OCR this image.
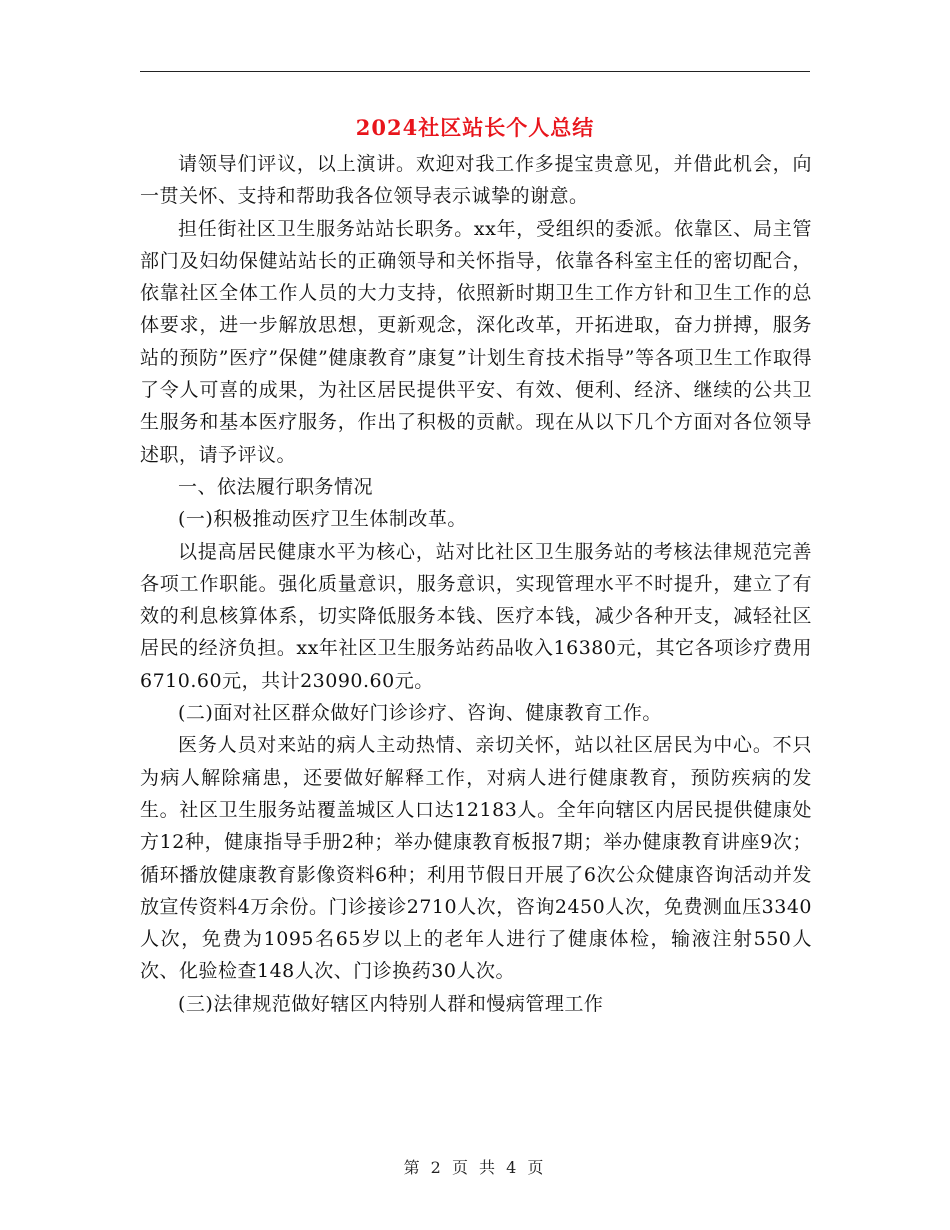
2024社区站长个人总结

请领导们评议，以上演讲。欢迎对我工作多提宝贵意见，并借此机会，向一贯关怀、支持和帮助我各位领导表示诚挚的谢意。

担任街社区卫生服务站站长职务。xx年，受组织的委派。依靠区、局主管部门及妇幼保健站站长的正确领导和关怀指导，依靠各科室主任的密切配合，依靠社区全体工作人员的大力支持，依照新时期卫生工作方针和卫生工作的总体要求，进一步解放思想，更新观念，深化改革，开拓进取，奋力拼搏，服务站的预防”医疗”保健”健康教育”康复”计划生育技术指导”等各项卫生工作取得了令人可喜的成果，为社区居民提供平安、有效、便利、经济、继续的公共卫生服务和基本医疗服务，作出了积极的贡献。现在从以下几个方面对各位领导述职，请予评议。

一、依法履行职务情况

(一)积极推动医疗卫生体制改革。

以提高居民健康水平为核心，站对比社区卫生服务站的考核法律规范完善各项工作职能。强化质量意识，服务意识，实现管理水平不时提升，建立了有效的利息核算体系，切实降低服务本钱、医疗本钱，减少各种开支，减轻社区居民的经济负担。xx年社区卫生服务站药品收入16380元，其它各项诊疗费用6710.60元，共计23090.60元。

(二)面对社区群众做好门诊诊疗、咨询、健康教育工作。

医务人员对来站的病人主动热情、亲切关怀，站以社区居民为中心。不只为病人解除痛患，还要做好解释工作，对病人进行健康教育，预防疾病的发生。社区卫生服务站覆盖城区人口达12183人。全年向辖区内居民提供健康处方12种，健康指导手册2种；举办健康教育板报7期；举办健康教育讲座9次；循环播放健康教育影像资料6种；利用节假日开展了6次公众健康咨询活动并发放宣传资料4万余份。门诊接诊2710人次，咨询2450人次，免费测血压3340人次，免费为1095名65岁以上的老年人进行了健康体检，输液注射550人次、化验检查148人次、门诊换药30人次。

(三)法律规范做好辖区内特别人群和慢病管理工作

第 2 页 共 4 页
